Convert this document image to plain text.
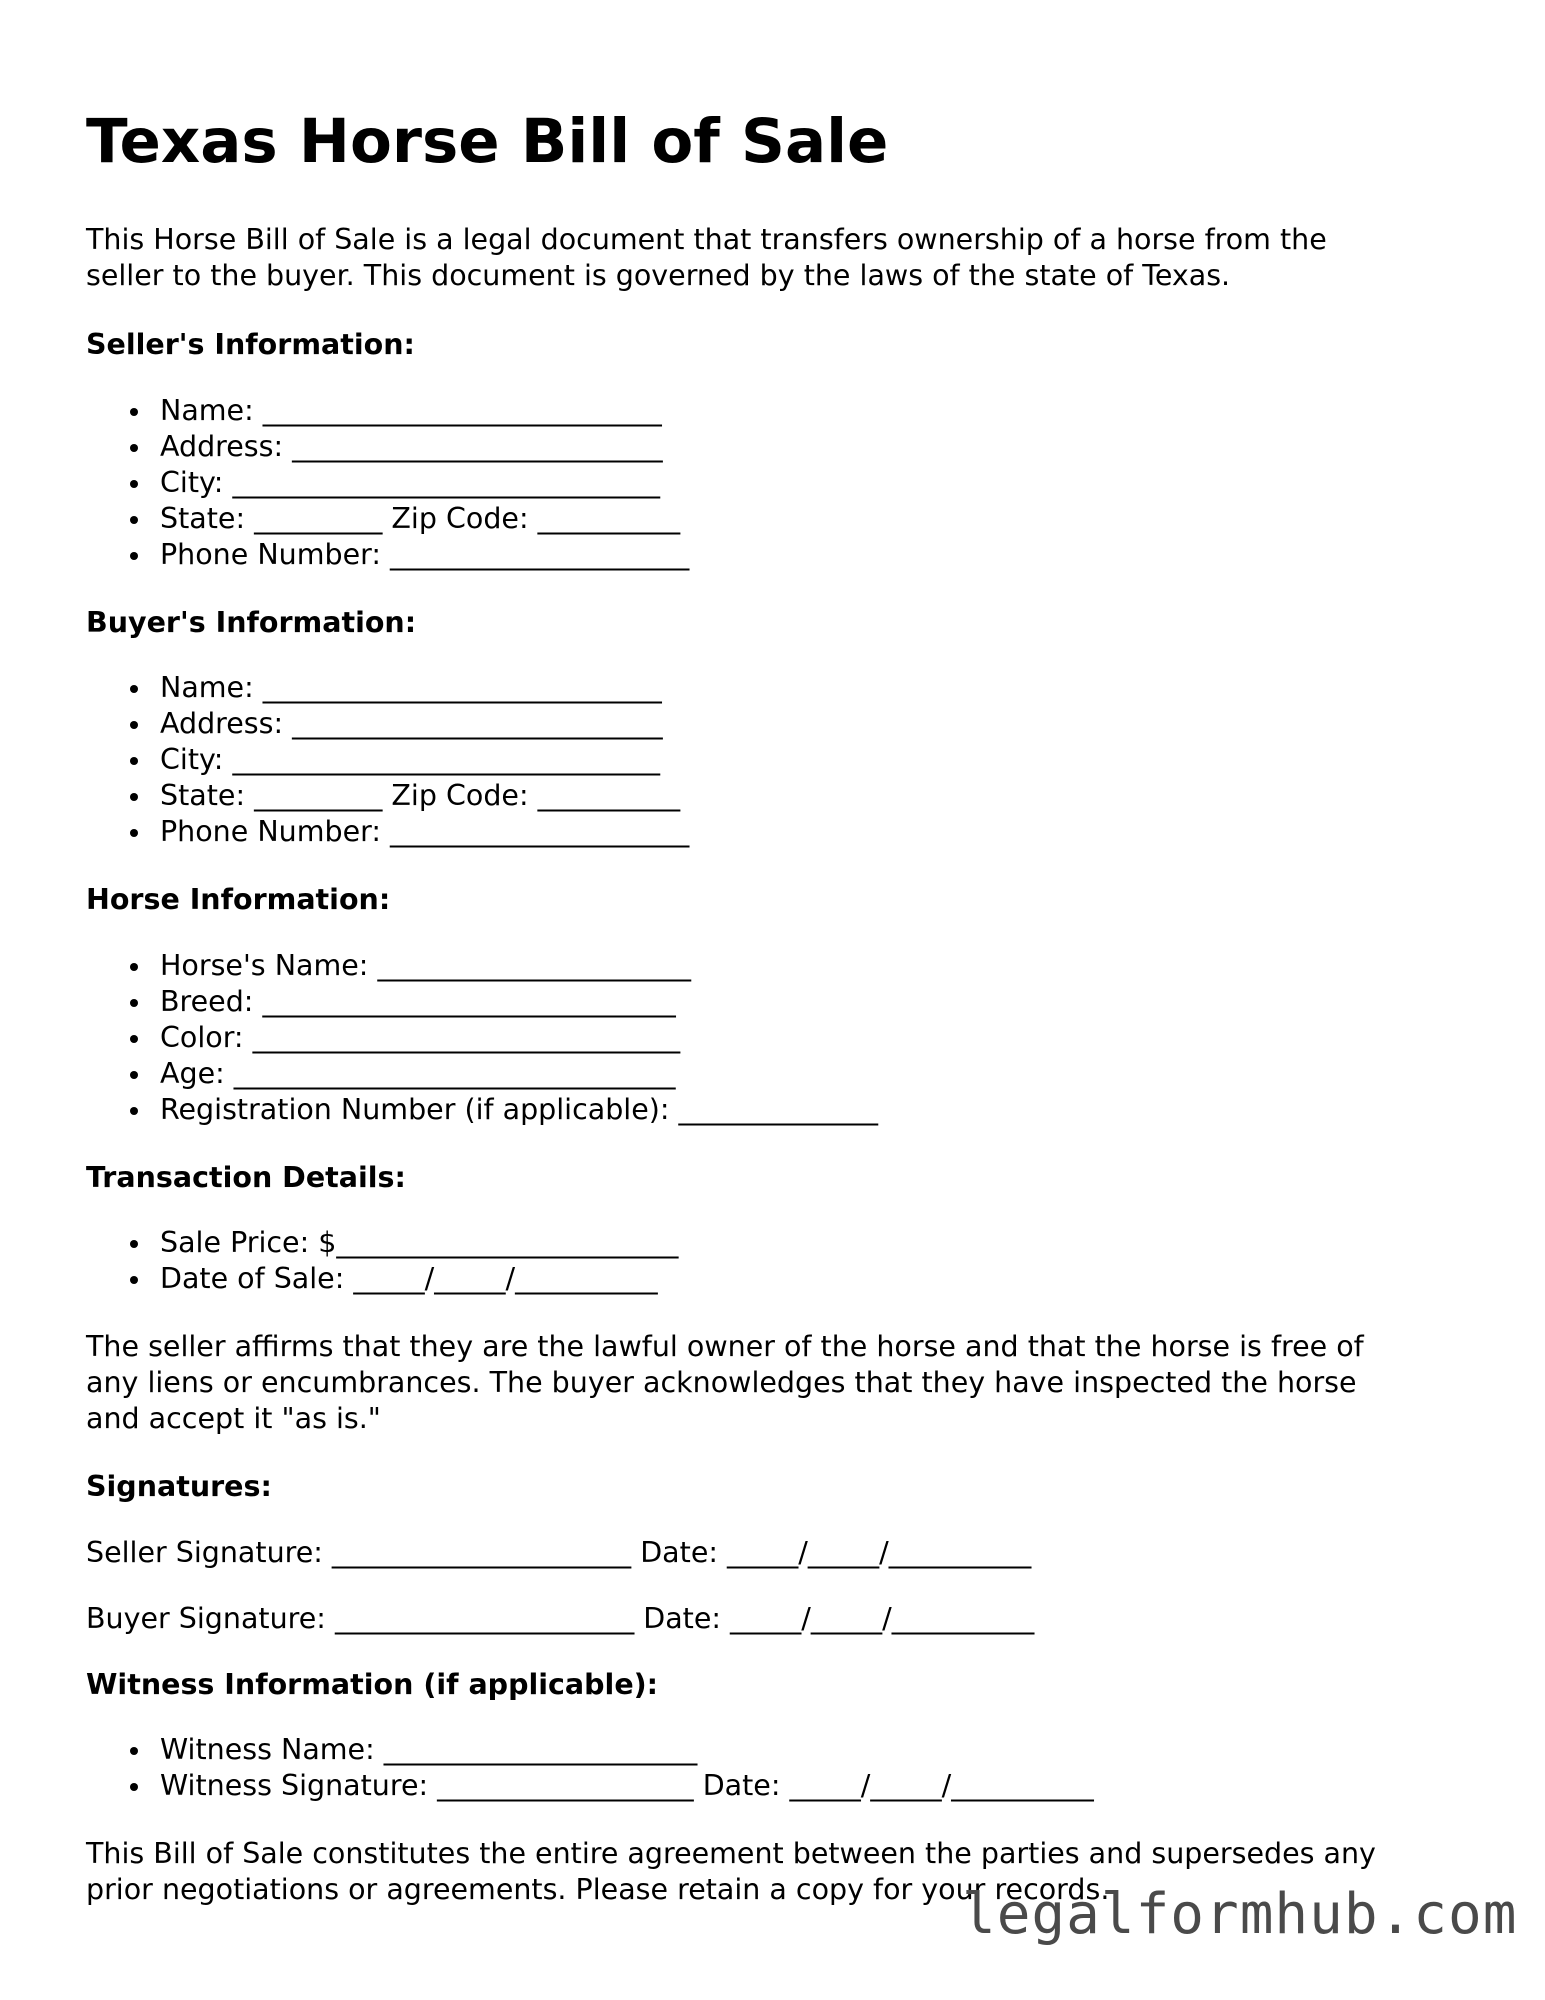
Texas Horse Bill of Sale

This Horse Bill of Sale is a legal document that transfers ownership of a horse from the
seller to the buyer. This document is governed by the laws of the state of Texas.

Seller's Information:

Name: ____________________________
Address: __________________________
City: ______________________________
State: _________ Zip Code: __________
Phone Number: _____________________

Buyer's Information:

Name: ____________________________
Address: __________________________
City: ______________________________
State: _________ Zip Code: __________
Phone Number: _____________________

Horse Information:

Horse's Name: ______________________
Breed: _____________________________
Color: ______________________________
Age: _______________________________
Registration Number (if applicable): ______________

Transaction Details:

Sale Price: $________________________
Date of Sale: _____/_____/__________

The seller affirms that they are the lawful owner of the horse and that the horse is free of
any liens or encumbrances. The buyer acknowledges that they have inspected the horse
and accept it "as is."

Signatures:

Seller Signature: _____________________ Date: _____/_____/__________

Buyer Signature: _____________________ Date: _____/_____/__________

Witness Information (if applicable):

Witness Name: ______________________
Witness Signature: __________________ Date: _____/_____/__________

This Bill of Sale constitutes the entire agreement between the parties and supersedes any
prior negotiations or agreements. Please retain a copy for your records.

legalformhub.com
